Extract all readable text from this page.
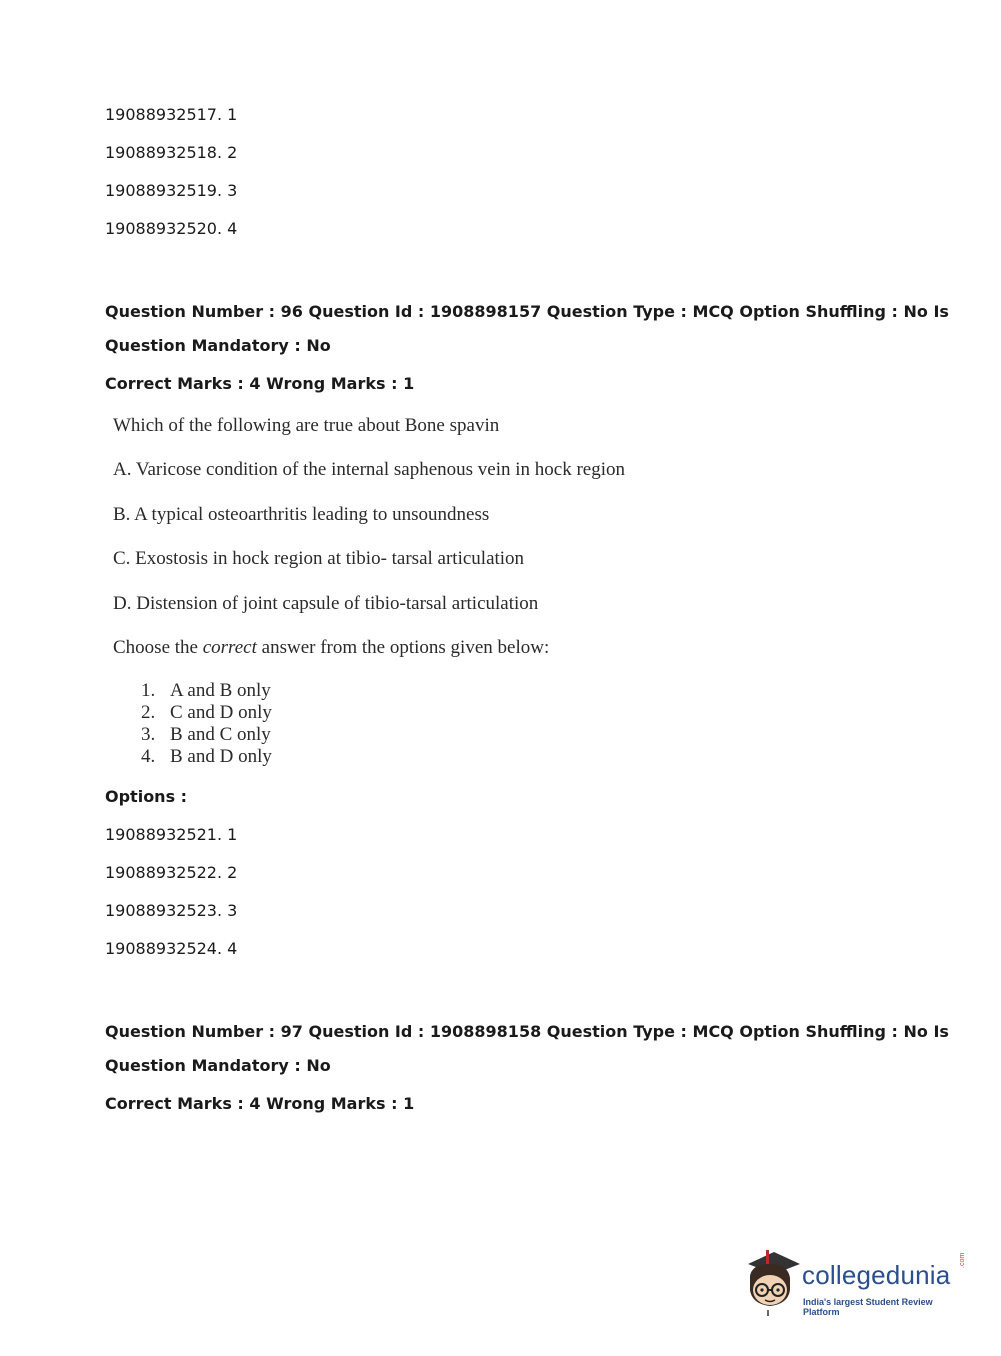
19088932517. 1
19088932518. 2
19088932519. 3
19088932520. 4
Question Number : 96 Question Id : 1908898157 Question Type : MCQ Option Shuffling : No Is
Question Mandatory : No
Correct Marks : 4 Wrong Marks : 1
Which of the following are true about Bone spavin
A. Varicose condition of the internal saphenous vein in hock region
B. A typical osteoarthritis leading to unsoundness
C. Exostosis in hock region at tibio- tarsal articulation
D. Distension of joint capsule of tibio-tarsal articulation
Choose the correct answer from the options given below:
1. A and B only
2. C and D only
3. B and C only
4. B and D only
Options :
19088932521. 1
19088932522. 2
19088932523. 3
19088932524. 4
Question Number : 97 Question Id : 1908898158 Question Type : MCQ Option Shuffling : No Is
Question Mandatory : No
Correct Marks : 4 Wrong Marks : 1
collegedunia .com
India's largest Student Review Platform
